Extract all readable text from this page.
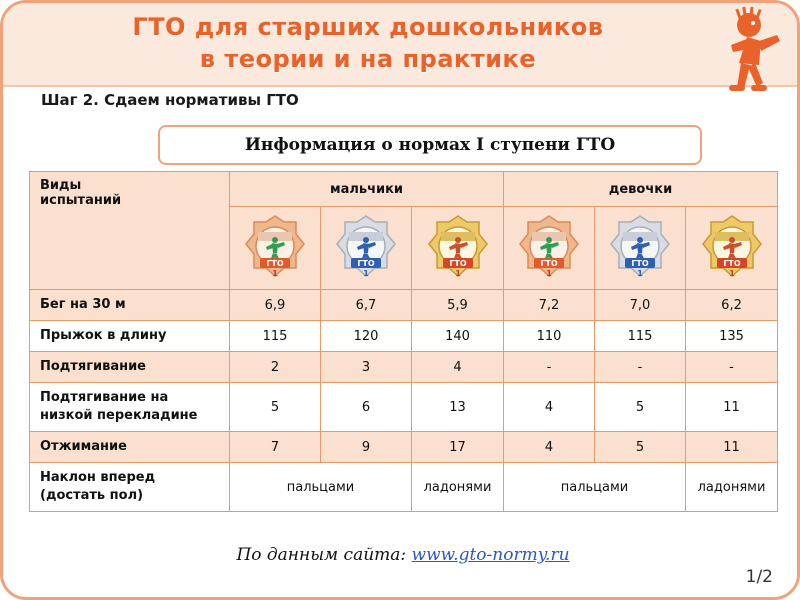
ГТО для старших дошкольников
в теории и на практике
Шаг 2. Сдаем нормативы ГТО
Информация о нормах I ступени ГТО
Виды
испытаний	мальчики			девочки		

ГТО
1	ГТО
1	ГТО
1	ГТО
1	ГТО
1	ГТО
1

Бег на 30 м	6,9	6,7	5,9	7,2	7,0	6,2
Прыжок в длину	115	120	140	110	115	135
Подтягивание	2	3	4	-	-	-

Подтягивание на
низкой перекладине	5	6	13	4	5	11
Отжимание	7	9	17	4	5	11

Наклон вперед
(достать пол)	пальцами		ладонями	пальцами		ладонями
По данным сайта: www.gto-normy.ru
1/2
